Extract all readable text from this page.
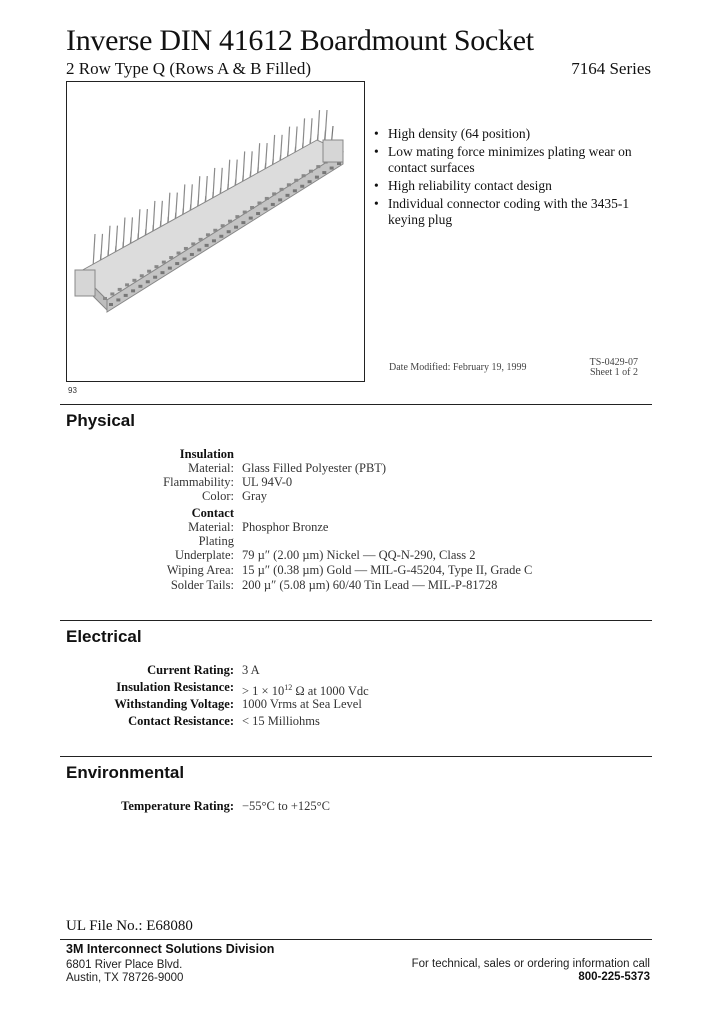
Inverse DIN 41612 Boardmount Socket
2 Row Type Q (Rows A & B Filled)	7164 Series
93
• High density (64 position)
• Low mating force minimizes plating wear on contact surfaces
• High reliability contact design
• Individual connector coding with the 3435-1 keying plug
Date Modified: February 19, 1999	TS-0429-07
Sheet 1 of 2
Physical
Insulation
Material: Glass Filled Polyester (PBT)
Flammability: UL 94V-0
Color: Gray
Contact
Material: Phosphor Bronze
Plating
Underplate: 79 µ″ (2.00 µm) Nickel — QQ-N-290, Class 2
Wiping Area: 15 µ″ (0.38 µm) Gold — MIL-G-45204, Type II, Grade C
Solder Tails: 200 µ″ (5.08 µm) 60/40 Tin Lead — MIL-P-81728
Electrical
Current Rating: 3 A
Insulation Resistance: > $1 \times 10^{12}$ Ω at 1000 Vdc
Withstanding Voltage: 1000 Vrms at Sea Level
Contact Resistance: < 15 Milliohms
Environmental
Temperature Rating: −55°C to +125°C
UL File No.: E68080
3M Interconnect Solutions Division
6801 River Place Blvd.
Austin, TX 78726-9000
For technical, sales or ordering information call
800-225-5373
